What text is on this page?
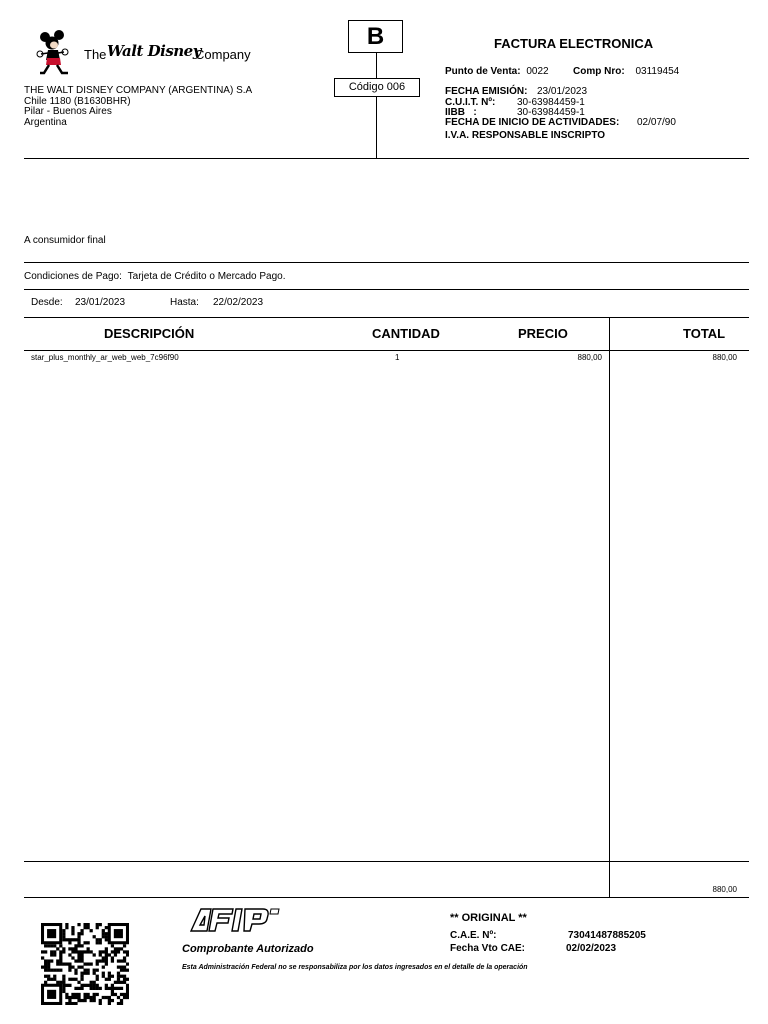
The Walt Disney
Company
THE WALT DISNEY COMPANY (ARGENTINA) S.A
Chile 1180 (B1630BHR)
Pilar - Buenos Aires
Argentina
B
Código 006
FACTURA ELECTRONICA
Punto de Venta: 0022 Comp Nro: 03119454
FECHA EMISIÓN: 23/01/2023
C.U.I.T. Nº: 30-63984459-1
IIBB   :	30-63984459-1
FECHA DE INICIO DE ACTIVIDADES: 02/07/90
I.V.A. RESPONSABLE INSCRIPTO
A consumidor final
Condiciones de Pago: Tarjeta de Crédito o Mercado Pago.
Desde: 23/01/2023	Hasta: 22/02/2023
DESCRIPCIÓN	CANTIDAD	PRECIO	TOTAL
star_plus_monthly_ar_web_web_7c96f90	1	880,00	880,00
880,00
Comprobante Autorizado
Esta Administración Federal no se responsabiliza por los datos ingresados en el detalle de la operación
** ORIGINAL **
C.A.E. Nº:	73041487885205
Fecha Vto CAE:	02/02/2023
